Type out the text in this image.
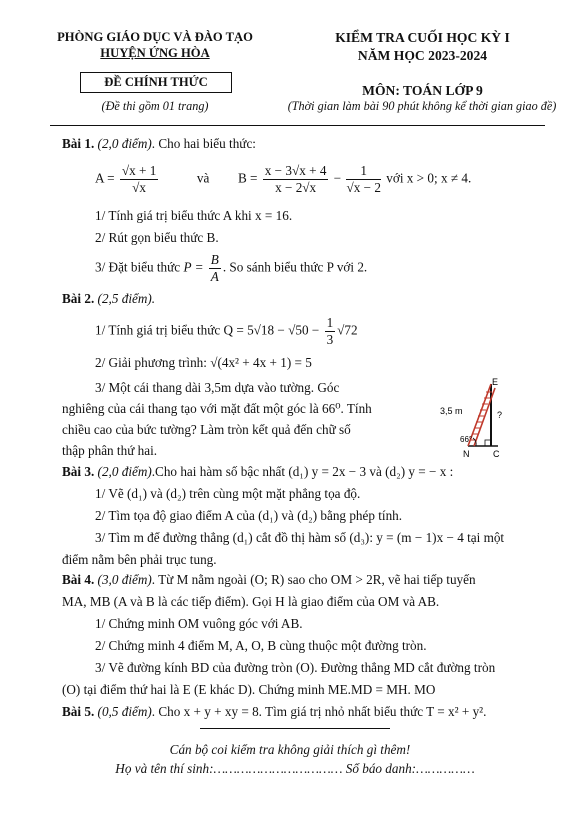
PHÒNG GIÁO DỤC VÀ ĐÀO TẠO
HUYỆN ỨNG HÒA
ĐỀ CHÍNH THỨC
(Đề thi gồm 01 trang)
KIỂM TRA CUỐI HỌC KỲ I
NĂM HỌC 2023-2024
MÔN: TOÁN LỚP 9
(Thời gian làm bài 90 phút không kể thời gian giao đề)
Bài 1. (2,0 điểm). Cho hai biểu thức:
$A = \frac{√x + 1}{√x}$	và $B = \frac{x - 3√x + 4}{x - 2√x} - \frac{1}{√x - 2}$ với x > 0; x ≠ 4.
1/ Tính giá trị biểu thức A khi x = 16.
2/ Rút gọn biểu thức B.
3/ Đặt biểu thức $P = \frac{B}{A}$ . So sánh biểu thức P với 2.
Bài 2. (2,5 điểm).
1/ Tính giá trị biểu thức $Q = 5√18 - √50 - \frac{1}{3} √72$
2/ Giải phương trình: √(4x² + 4x + 1) = 5
3/ Một cái thang dài 3,5m dựa vào tường. Góc
nghiêng của cái thang tạo với mặt đất một góc là 66⁰. Tính
chiều cao của bức tường? Làm tròn kết quả đến chữ số
thập phân thứ hai.
E
3,5 m	?
66°
N	C
Bài 3. (2,0 điểm).Cho hai hàm số bậc nhất (d₁) y = 2x − 3 và (d₂) y = − x :
1/ Vẽ (d₁) và (d₂) trên cùng một mặt phẳng tọa độ.
2/ Tìm tọa độ giao điểm A của (d₁) và (d₂) bằng phép tính.
3/ Tìm m để đường thẳng (d₁) cắt đồ thị hàm số (d₃): y = (m − 1)x − 4 tại một
điểm nằm bên phải trục tung.
Bài 4. (3,0 điểm). Từ M nằm ngoài (O; R) sao cho OM > 2R, vẽ hai tiếp tuyến
MA, MB (A và B là các tiếp điểm). Gọi H là giao điểm của OM và AB.
1/ Chứng minh OM vuông góc với AB.
2/ Chứng minh 4 điểm M, A, O, B cùng thuộc một đường tròn.
3/ Vẽ đường kính BD của đường tròn (O). Đường thẳng MD cắt đường tròn
(O) tại điểm thứ hai là E (E khác D). Chứng minh ME.MD = MH. MO
Bài 5. (0,5 điểm). Cho x + y + xy = 8. Tìm giá trị nhỏ nhất biểu thức T = x² + y².
Cán bộ coi kiểm tra không giải thích gì thêm!
Họ và tên thí sinh:…………………………… Số báo danh:……………
